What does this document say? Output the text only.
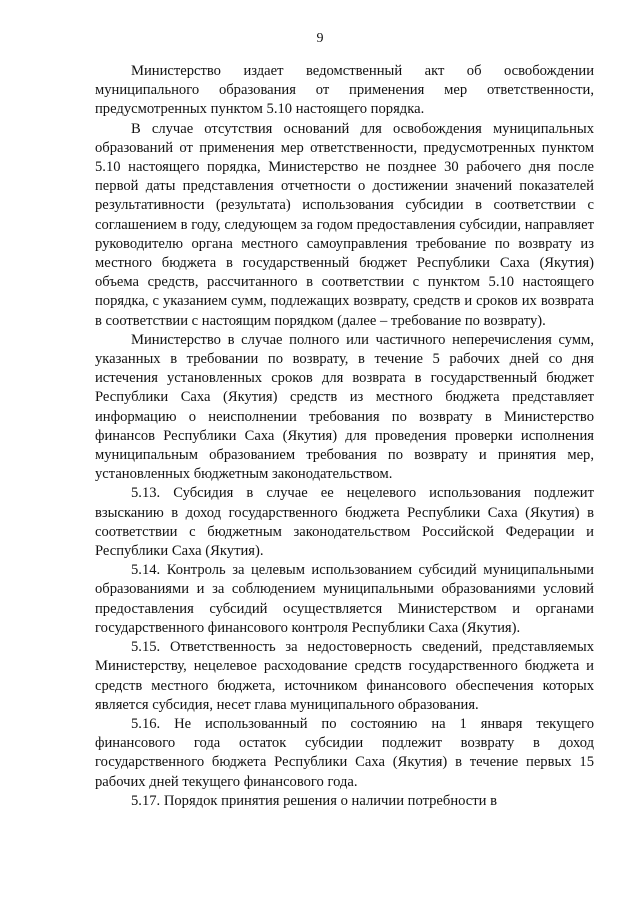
9

Министерство издает ведомственный акт об освобождении муниципального образования от применения мер ответственности, предусмотренных пунктом 5.10 настоящего порядка.

В случае отсутствия оснований для освобождения муниципальных образований от применения мер ответственности, предусмотренных пунктом 5.10 настоящего порядка, Министерство не позднее 30 рабочего дня после первой даты представления отчетности о достижении значений показателей результативности (результата) использования субсидии в соответствии с соглашением в году, следующем за годом предоставления субсидии, направляет руководителю органа местного самоуправления требование по возврату из местного бюджета в государственный бюджет Республики Саха (Якутия) объема средств, рассчитанного в соответствии с пунктом 5.10 настоящего порядка, с указанием сумм, подлежащих возврату, средств и сроков их возврата в соответствии с настоящим порядком (далее – требование по возврату).

Министерство в случае полного или частичного неперечисления сумм, указанных в требовании по возврату, в течение 5 рабочих дней со дня истечения установленных сроков для возврата в государственный бюджет Республики Саха (Якутия) средств из местного бюджета представляет информацию о неисполнении требования по возврату в Министерство финансов Республики Саха (Якутия) для проведения проверки исполнения муниципальным образованием требования по возврату и принятия мер, установленных бюджетным законодательством.

5.13. Субсидия в случае ее нецелевого использования подлежит взысканию в доход государственного бюджета Республики Саха (Якутия) в соответствии с бюджетным законодательством Российской Федерации и Республики Саха (Якутия).

5.14. Контроль за целевым использованием субсидий муниципальными образованиями и за соблюдением муниципальными образованиями условий предоставления субсидий осуществляется Министерством и органами государственного финансового контроля Республики Саха (Якутия).

5.15. Ответственность за недостоверность сведений, представляемых Министерству, нецелевое расходование средств государственного бюджета и средств местного бюджета, источником финансового обеспечения которых является субсидия, несет глава муниципального образования.

5.16. Не использованный по состоянию на 1 января текущего финансового года остаток субсидии подлежит возврату в доход государственного бюджета Республики Саха (Якутия) в течение первых 15 рабочих дней текущего финансового года.

5.17. Порядок принятия решения о наличии потребности в
